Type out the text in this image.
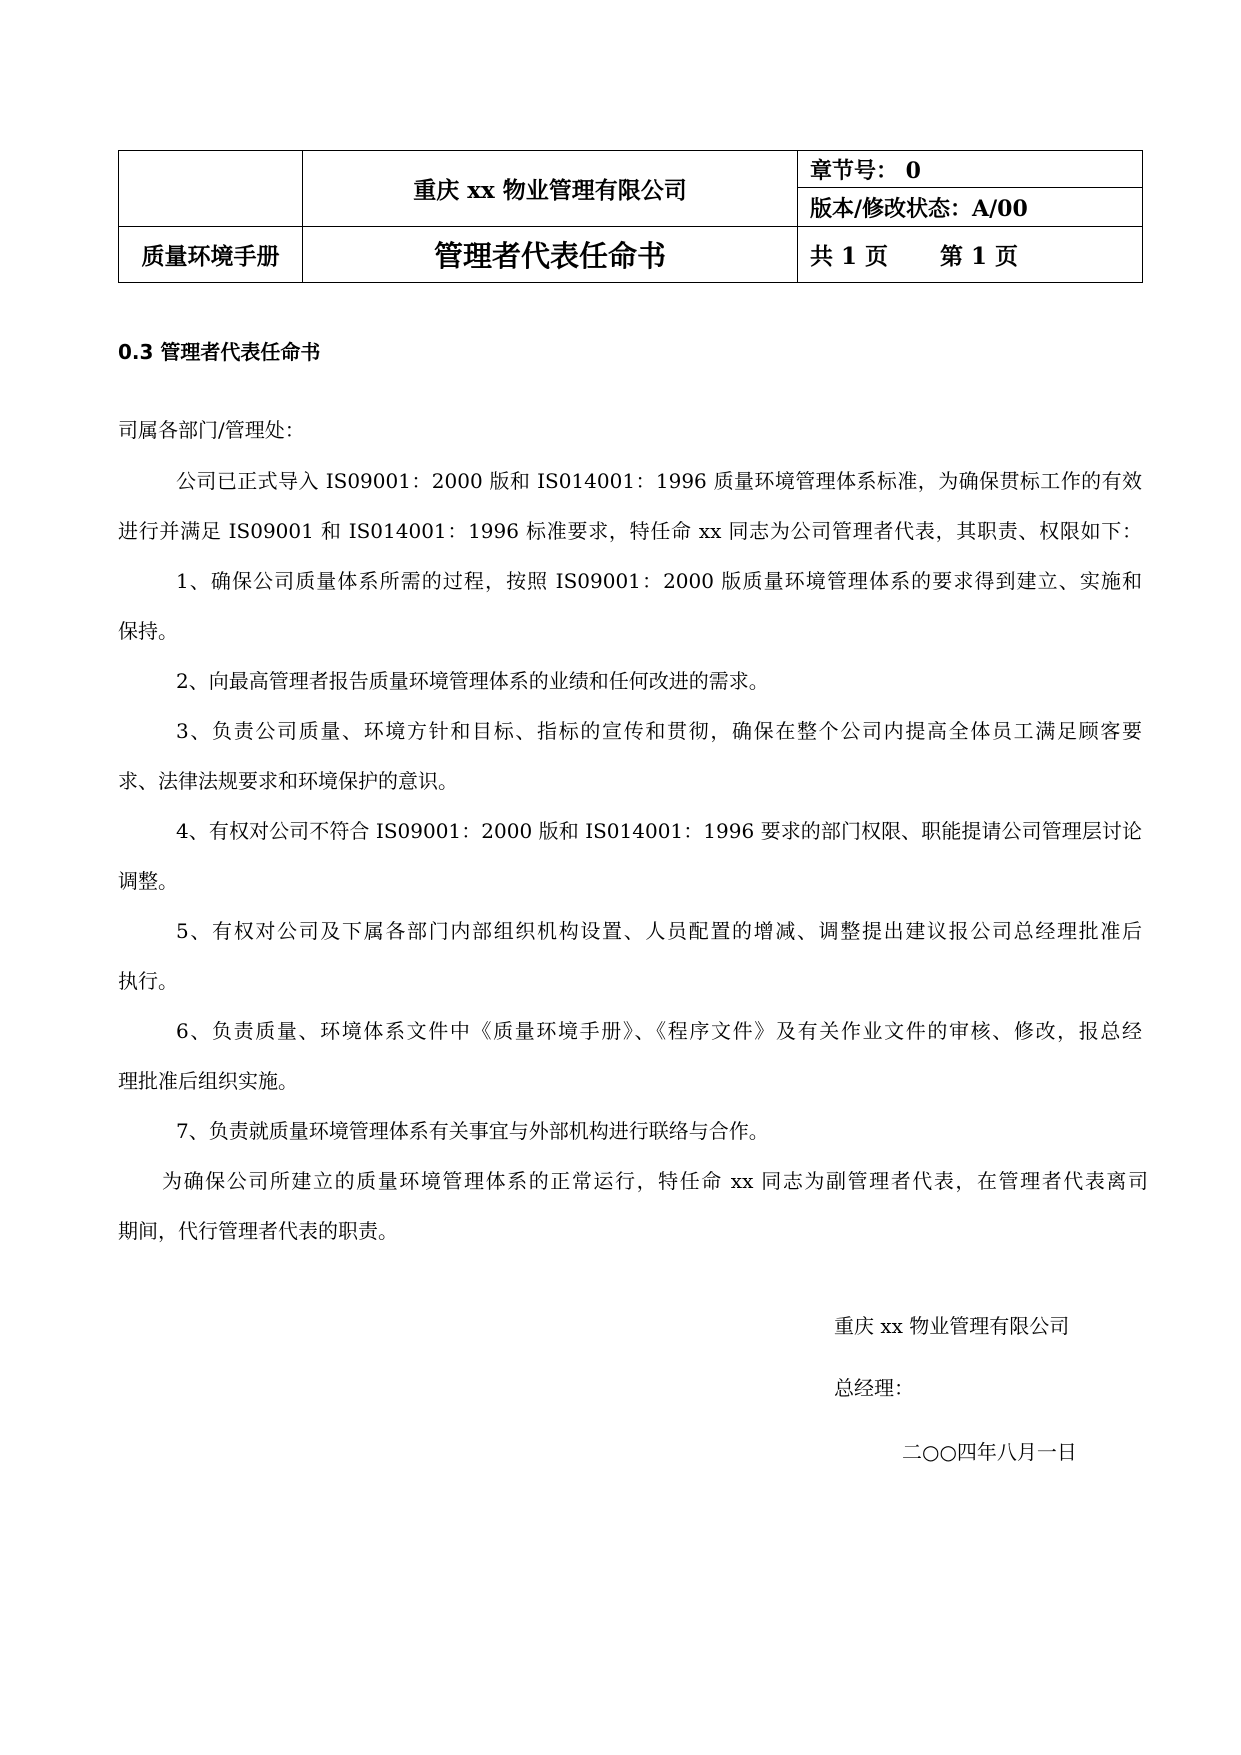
	重庆 xx 物业管理有限公司	章节号： 0
		版本/修改状态：A/00
质量环境手册	管理者代表任命书	共 1 页 第 1 页
0.3 管理者代表任命书
司属各部门/管理处：
公司已正式导入 IS09001：2000 版和 IS014001：1996 质量环境管理体系标准，为确保贯标工作的有效
进行并满足 IS09001 和 IS014001：1996 标准要求，特任命 xx 同志为公司管理者代表，其职责、权限如下：
1、确保公司质量体系所需的过程，按照 IS09001：2000 版质量环境管理体系的要求得到建立、实施和
保持。
2、向最高管理者报告质量环境管理体系的业绩和任何改进的需求。
3、负责公司质量、环境方针和目标、指标的宣传和贯彻，确保在整个公司内提高全体员工满足顾客要
求、法律法规要求和环境保护的意识。
4、有权对公司不符合 IS09001：2000 版和 IS014001：1996 要求的部门权限、职能提请公司管理层讨论
调整。
5、有权对公司及下属各部门内部组织机构设置、人员配置的增减、调整提出建议报公司总经理批准后
执行。
6、负责质量、环境体系文件中《质量环境手册》、《程序文件》及有关作业文件的审核、修改，报总经
理批准后组织实施。
7、负责就质量环境管理体系有关事宜与外部机构进行联络与合作。
为确保公司所建立的质量环境管理体系的正常运行，特任命 xx 同志为副管理者代表，在管理者代表离司
期间，代行管理者代表的职责。
重庆 xx 物业管理有限公司
总经理：
二○○四年八月一日
